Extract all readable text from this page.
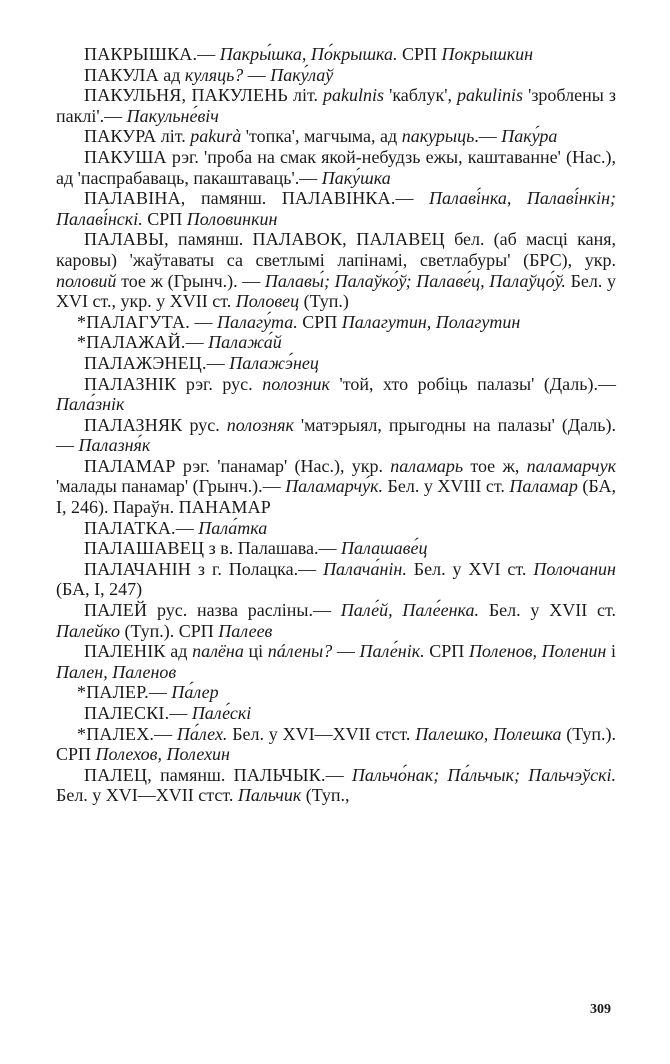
ПАКРЫШКА.— Пакры́шка, По́крышка. СРП Покрышкин
ПАКУЛА ад куляць? — Паку́лаў
ПАКУЛЬНЯ, ПАКУЛЕНЬ літ. pakulnis 'каблук', pakulinis 'зроблены з паклі'.— Пакульне́віч
ПАКУРА літ. pakurà 'топка', магчыма, ад пакурыць.— Паку́ра
ПАКУША рэг. 'проба на смак якой-небудзь ежы, каштаванне' (Нас.), ад 'паспрабаваць, пакаштаваць'.— Паку́шка
ПАЛАВІНА, памянш. ПАЛАВІНКА.— Палаві́нка, Палаві́нкін; Палаві́нскі. СРП Половинкин
ПАЛАВЫ, памянш. ПАЛАВОК, ПАЛАВЕЦ бел. (аб масці каня, каровы) 'жаўтаваты са светлымі лапінамі, светлабуры' (БРС), укр. половий тое ж (Грынч.). — Палавы́; Палаўко́ў; Палаве́ц, Палаўцо́ў. Бел. у XVI ст., укр. у XVII ст. Половец (Туп.)
*ПАЛАГУТА. — Палагу́та. СРП Палагутин, Полагутин
*ПАЛАЖАЙ.— Палажа́й
ПАЛАЖЭНЕЦ.— Палажэ́нец
ПАЛАЗНІК рэг. рус. полозник 'той, хто робіць палазы' (Даль).— Пала́знік
ПАЛАЗНЯК рус. полозняк 'матэрыял, прыгодны на палазы' (Даль).— Палазня́к
ПАЛАМАР рэг. 'панамар' (Нас.), укр. паламарь тое ж, паламарчук 'малады панамар' (Грынч.).— Паламарчу́к. Бел. у XVIII ст. Паламар (БА, I, 246). Параўн. ПАНАМАР
ПАЛАТКА.— Пала́тка
ПАЛАШАВЕЦ з в. Палашава.— Палашаве́ц
ПАЛАЧАНІН з г. Полацка.— Палача́нін. Бел. у XVI ст. Полочанин (БА, I, 247)
ПАЛЕЙ рус. назва расліны.— Пале́й, Пале́енка. Бел. у XVII ст. Палейко (Туп.). СРП Палеев
ПАЛЕНІК ад палёна ці пáлены? — Пале́нік. СРП Поленов, Поленин і Пален, Паленов
*ПАЛЕР.— Па́лер
ПАЛЕСКІ.— Пале́скі
*ПАЛЕХ.— Па́лех. Бел. у XVI—XVII стст. Палешко, Полешка (Туп.). СРП Полехов, Полехин
ПАЛЕЦ, памянш. ПАЛЬЧЫК.— Пальчо́нак; Па́льчык; Пальчэўскі. Бел. у XVI—XVII стст. Пальчик (Туп.,
309
